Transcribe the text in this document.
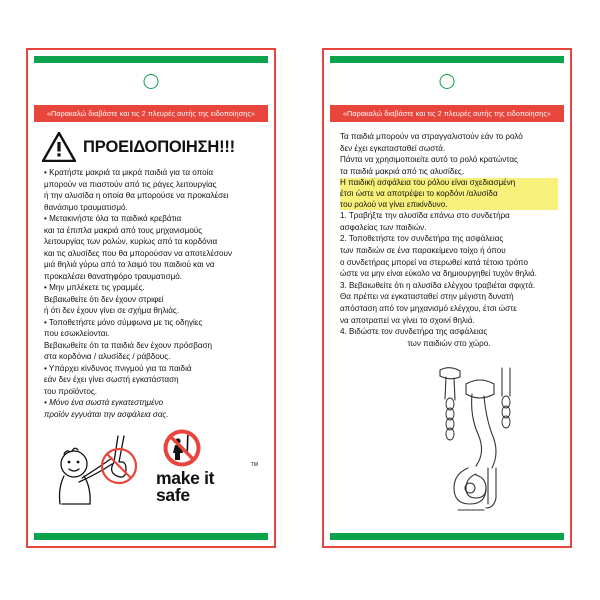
«Παρακαλώ διαβάστε και τις 2 πλευρές αυτής της ειδοποίησης»
ΠΡΟΕΙΔΟΠΟΙΗΣΗ!!!

• Κρατήστε μακριά τα μικρά παιδιά για τα οποία

μπορούν να πιαστούν από τις ράγες λειτουργίας

ή την αλυσίδα η οποία θα μπορούσε να προκαλέσει

θανάσιμο τραυματισμό.

• Μετακινήστε όλα τα παιδικά κρεβάτια

και τα έπιπλα μακριά από τους μηχανισμούς

λειτουργίας των ρολών, κυρίως από τα κορδόνια

και τις αλυσίδες που θα μπορούσαν να αποτελέσουν

μιά θηλιά γύρω από το λαιμό του παιδιού και να

προκαλέσει θανατηφόρο τραυματισμό.

• Μην μπλέκετε τις γραμμές.

Βεβαιωθείτε ότι δεν έχουν στριφεί

ή ότι δεν έχουν γίνει σε σχήμα θηλιάς.

• Τοποθετήστε μόνο σύμφωνα με τις οδηγίες

που εσωκλείονται.

Βεβαιωθείτε ότι τα παιδιά δεν έχουν πρόσβαση

στα κορδόνια / αλυσίδες / ράβδους.

• Υπάρχει κίνδυνος πνιγμού για τα παιδιά

εάν δεν έχει γίνει σωστή εγκατάσταση

του προϊόντος.

• Μόνο ένα σωστά εγκατεστημένο

προϊόν εγγυάται την ασφάλεια σας.

TM
make it
safe
«Παρακαλώ διαβάστε και τις 2 πλευρές αυτής της ειδοποίησης»

Τα παιδιά μπορούν να στραγγαλιστούν εάν το ρολό

δεν έχει εγκατασταθεί σωστά.

Πάντα να χρησιμοποιείτε αυτό το ρολό κρατώντας

τα παιδιά μακριά από τις αλυσίδες.

Η παιδική ασφάλεια του ρόλου είναι σχεδιασμένη

έτσι ώστε να αποτρέψει το κορδόνι /αλυσίδα

του ρολού να γίνει επικίνδυνο.

1. Τραβήξτε την αλυσίδα επάνω στο συνδετήρα

ασφαλείας των παιδιών.

2. Τοποθετήστε τον συνδετήρα της ασφάλειας

των παιδιών σε ένα παρακείμενο τοίχο ή όπου

ο συνδετήρας μπορεί να στερωθεί κατά τέτοιο τρόπο

ώστε να μην είναι εύκολο να δημιουργηθεί τυχόν θηλιά.

3. Βεβαιωθείτε ότι η αλυσίδα ελέγχου τραβιέται σφιχτά.

Θα πρέπει να εγκατασταθεί στην μέγιστη δυνατή

απόσταση από τον μηχανισμό ελέγχου, έτσι ώστε

να αποτραπεί να γίνει το σχοινί θηλιά.

4. Βιδώστε τον συνδετήρα της ασφάλειας

των παιδιών στο χώρο.
